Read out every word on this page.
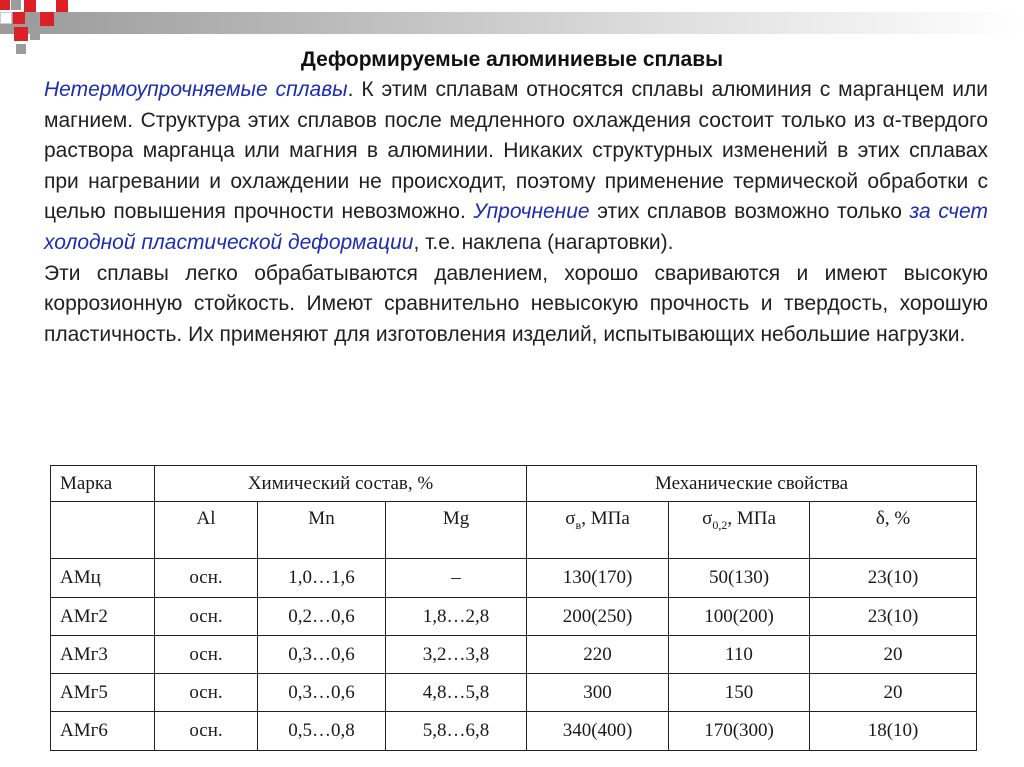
Деформируемые алюминиевые сплавы

Нетермоупрочняемые сплавы. К этим сплавам относятся сплавы алюминия с марганцем или магнием. Структура этих сплавов после медленного охлаждения состоит только из α-твердого раствора марганца или магния в алюминии. Никаких структурных изменений в этих сплавах при нагревании и охлаждении не происходит, поэтому применение термической обработки с целью повышения прочности невозможно. Упрочнение этих сплавов возможно только за счет холодной пластической деформации, т.е. наклепа (нагартовки).

Эти сплавы легко обрабатываются давлением, хорошо свариваются и имеют высокую коррозионную стойкость. Имеют сравнительно невысокую прочность и твердость, хорошую пластичность. Их применяют для изготовления изделий, испытывающих небольшие нагрузки.

Марка	Химический состав, %			Механические свойства		
	Al	Mn	Mg	$\sigma_в$, МПа	$\sigma_{0,2}$, МПа	δ, %
АМц	осн.	1,0…1,6	–	130(170)	50(130)	23(10)
АМг2	осн.	0,2…0,6	1,8…2,8	200(250)	100(200)	23(10)
АМг3	осн.	0,3…0,6	3,2…3,8	220	110	20
АМг5	осн.	0,3…0,6	4,8…5,8	300	150	20
АМг6	осн.	0,5…0,8	5,8…6,8	340(400)	170(300)	18(10)
